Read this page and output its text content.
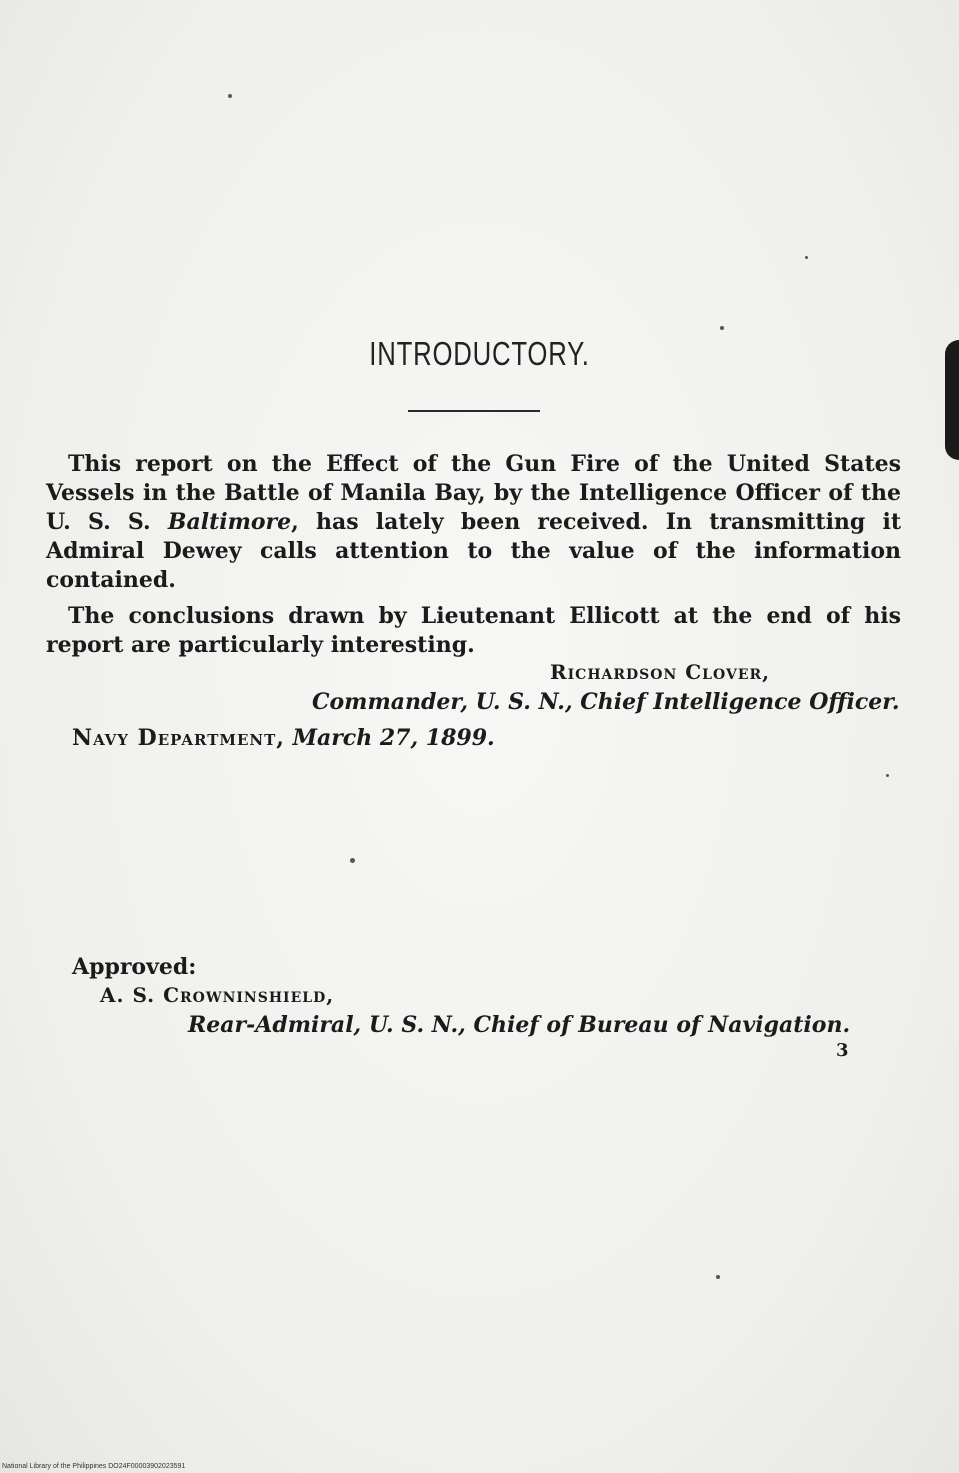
INTRODUCTORY.

This report on the Effect of the Gun Fire of the United States Vessels in the Battle of Manila Bay, by the Intelligence Officer of the U. S. S. Baltimore, has lately been received. In transmitting it Admiral Dewey calls attention to the value of the information contained.

The conclusions drawn by Lieutenant Ellicott at the end of his report are particularly interesting.

Richardson Clover,
Commander, U. S. N., Chief Intelligence Officer.
Navy Department, March 27, 1899.
Approved:
A. S. Crowninshield,
Rear-Admiral, U. S. N., Chief of Bureau of Navigation.
3
National Library of the Philippines DO24F00003902023591
